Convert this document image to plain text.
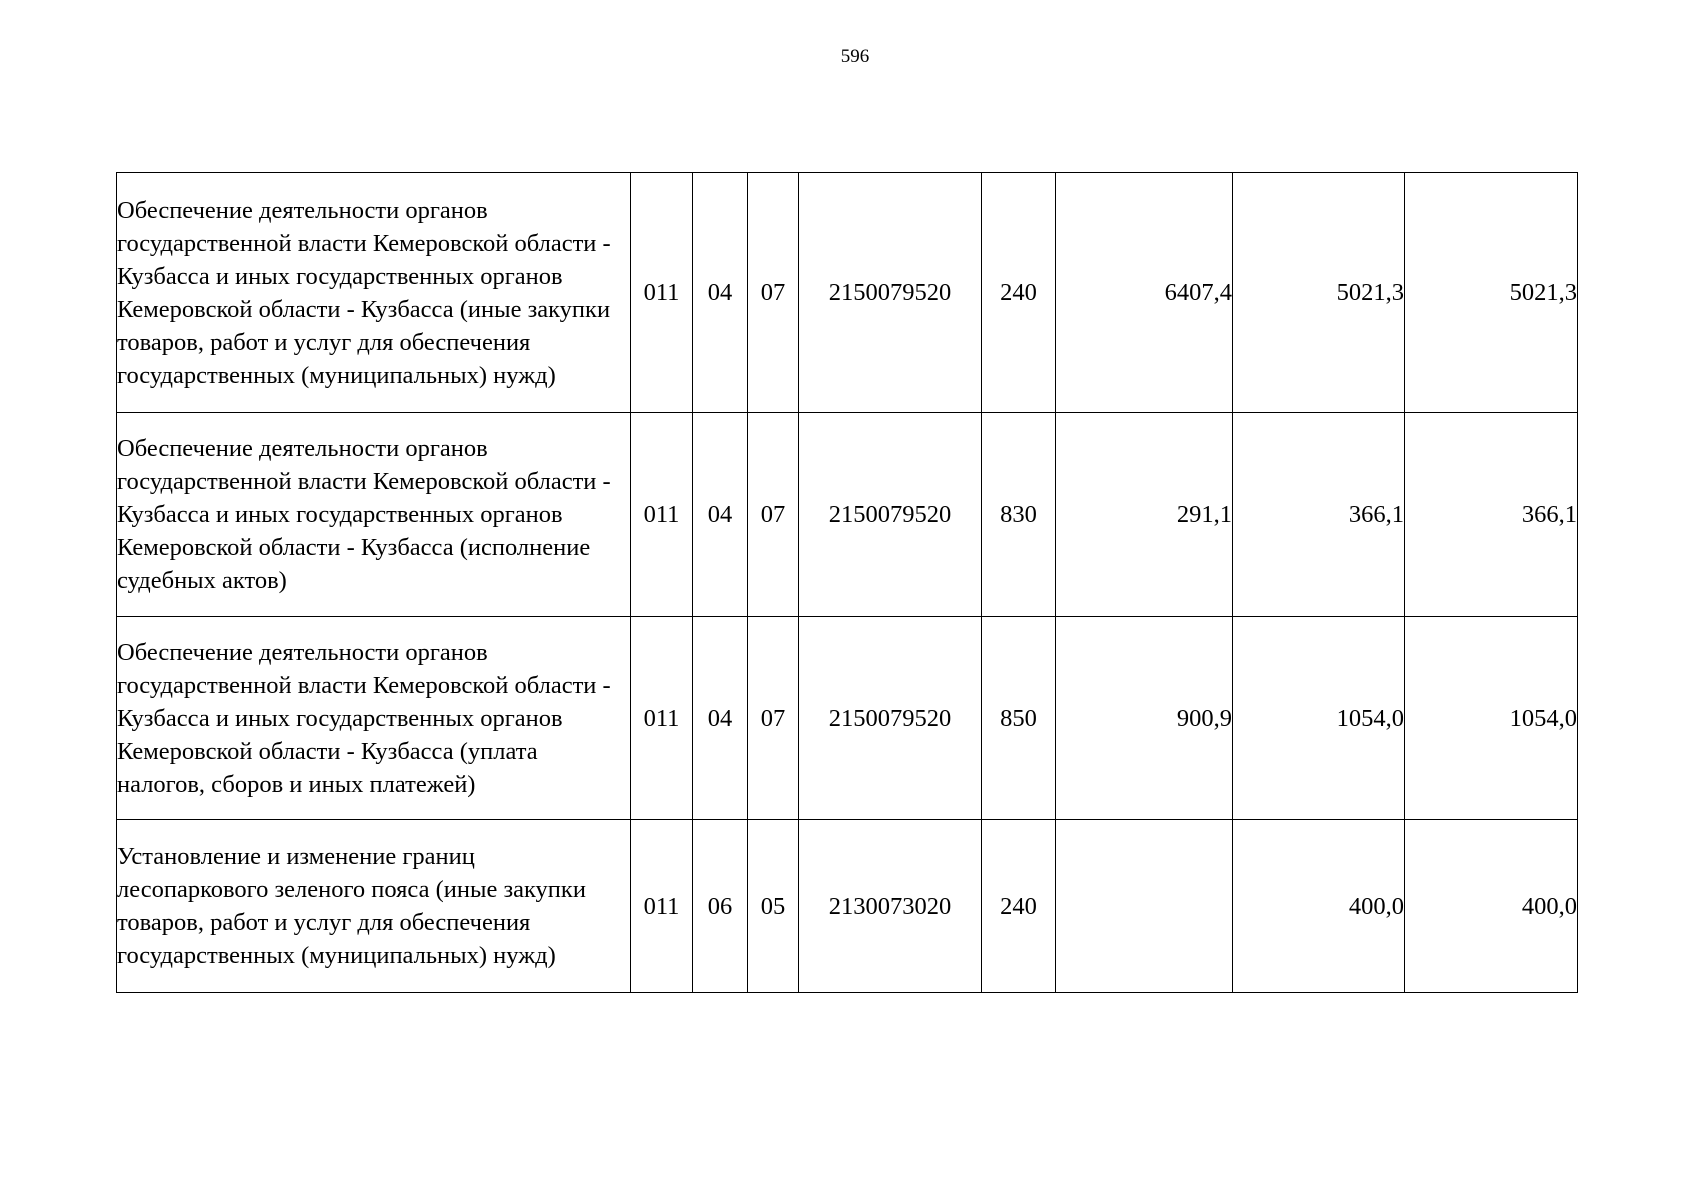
596
Обеспечение деятельности органов государственной власти Кемеровской области - Кузбасса и иных государственных органов Кемеровской области - Кузбасса (иные закупки товаров, работ и услуг для обеспечения государственных (муниципальных) нужд)	011	04	07	2150079520	240	6407,4	5021,3	5021,3
Обеспечение деятельности органов государственной власти Кемеровской области - Кузбасса и иных государственных органов Кемеровской области - Кузбасса (исполнение судебных актов)	011	04	07	2150079520	830	291,1	366,1	366,1
Обеспечение деятельности органов государственной власти Кемеровской области - Кузбасса и иных государственных органов Кемеровской области - Кузбасса (уплата налогов, сборов и иных платежей)	011	04	07	2150079520	850	900,9	1054,0	1054,0
Установление и изменение границ лесопаркового зеленого пояса (иные закупки товаров, работ и услуг для обеспечения государственных (муниципальных) нужд)	011	06	05	2130073020	240		400,0	400,0
